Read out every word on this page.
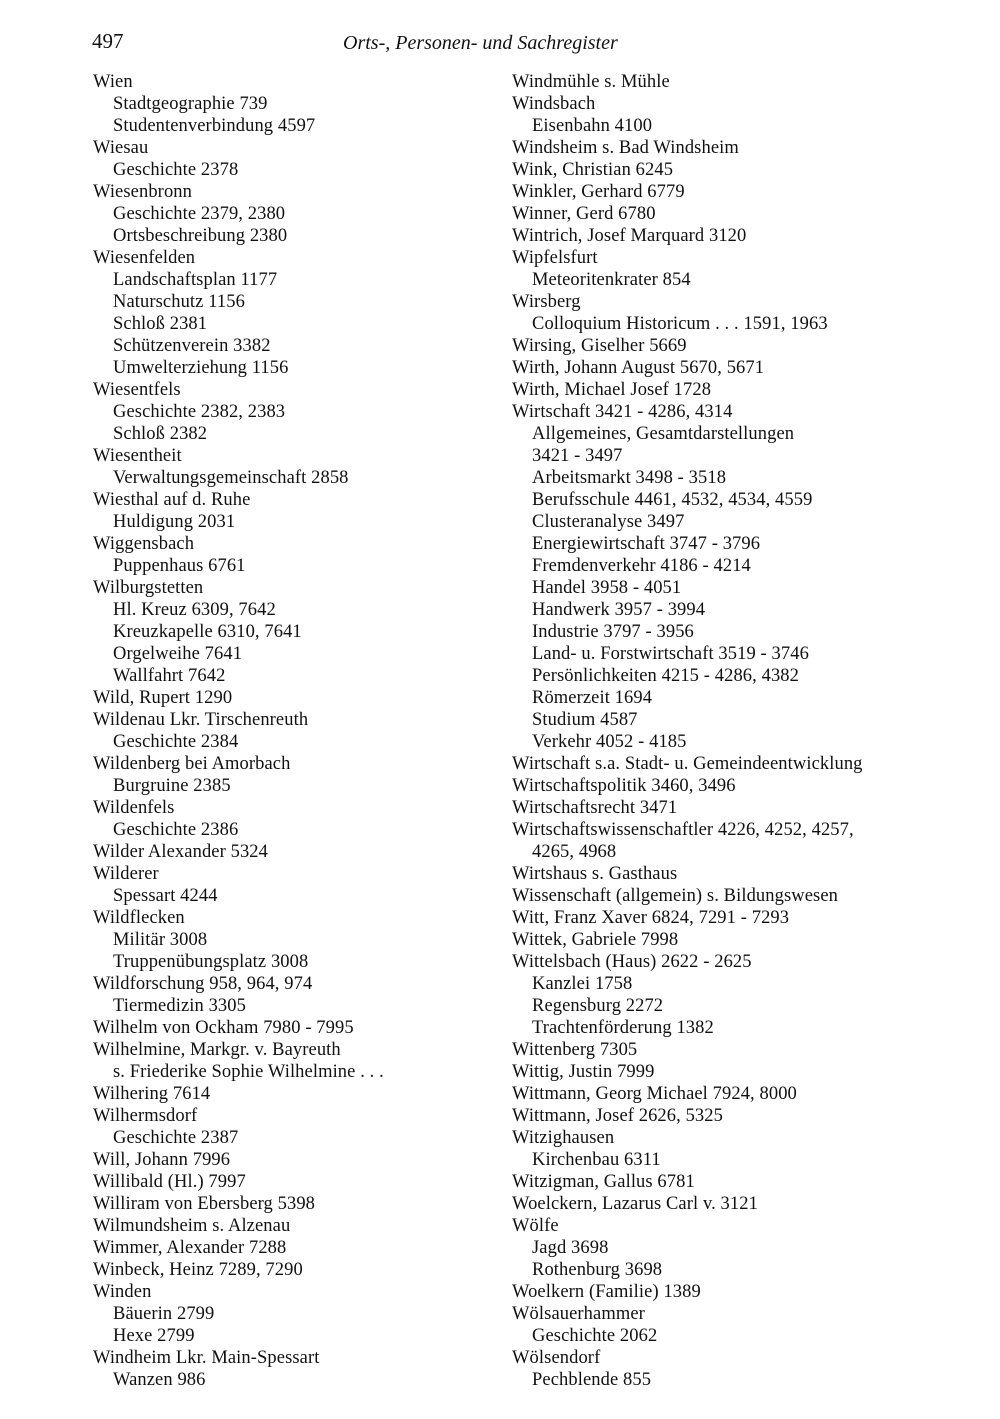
497	Orts-, Personen- und Sachregister
Wien
Stadtgeographie 739
Studentenverbindung 4597
Wiesau
Geschichte 2378
Wiesenbronn
Geschichte 2379, 2380
Ortsbeschreibung 2380
Wiesenfelden
Landschaftsplan 1177
Naturschutz 1156
Schloß 2381
Schützenverein 3382
Umwelterziehung 1156
Wiesentfels
Geschichte 2382, 2383
Schloß 2382
Wiesentheit
Verwaltungsgemeinschaft 2858
Wiesthal auf d. Ruhe
Huldigung 2031
Wiggensbach
Puppenhaus 6761
Wilburgstetten
Hl. Kreuz 6309, 7642
Kreuzkapelle 6310, 7641
Orgelweihe 7641
Wallfahrt 7642
Wild, Rupert 1290
Wildenau Lkr. Tirschenreuth
Geschichte 2384
Wildenberg bei Amorbach
Burgruine 2385
Wildenfels
Geschichte 2386
Wilder Alexander 5324
Wilderer
Spessart 4244
Wildflecken
Militär 3008
Truppenübungsplatz 3008
Wildforschung 958, 964, 974
Tiermedizin 3305
Wilhelm von Ockham 7980 - 7995
Wilhelmine, Markgr. v. Bayreuth
s. Friederike Sophie Wilhelmine . . .
Wilhering 7614
Wilhermsdorf
Geschichte 2387
Will, Johann 7996
Willibald (Hl.) 7997
Williram von Ebersberg 5398
Wilmundsheim s. Alzenau
Wimmer, Alexander 7288
Winbeck, Heinz 7289, 7290
Winden
Bäuerin 2799
Hexe 2799
Windheim Lkr. Main-Spessart
Wanzen 986
Windmühle s. Mühle
Windsbach
Eisenbahn 4100
Windsheim s. Bad Windsheim
Wink, Christian 6245
Winkler, Gerhard 6779
Winner, Gerd 6780
Wintrich, Josef Marquard 3120
Wipfelsfurt
Meteoritenkrater 854
Wirsberg
Colloquium Historicum . . . 1591, 1963
Wirsing, Giselher 5669
Wirth, Johann August 5670, 5671
Wirth, Michael Josef 1728
Wirtschaft 3421 - 4286, 4314
Allgemeines, Gesamtdarstellungen
3421 - 3497
Arbeitsmarkt 3498 - 3518
Berufsschule 4461, 4532, 4534, 4559
Clusteranalyse 3497
Energiewirtschaft 3747 - 3796
Fremdenverkehr 4186 - 4214
Handel 3958 - 4051
Handwerk 3957 - 3994
Industrie 3797 - 3956
Land- u. Forstwirtschaft 3519 - 3746
Persönlichkeiten 4215 - 4286, 4382
Römerzeit 1694
Studium 4587
Verkehr 4052 - 4185
Wirtschaft s.a. Stadt- u. Gemeindeentwicklung
Wirtschaftspolitik 3460, 3496
Wirtschaftsrecht 3471
Wirtschaftswissenschaftler 4226, 4252, 4257,
4265, 4968
Wirtshaus s. Gasthaus
Wissenschaft (allgemein) s. Bildungswesen
Witt, Franz Xaver 6824, 7291 - 7293
Wittek, Gabriele 7998
Wittelsbach (Haus) 2622 - 2625
Kanzlei 1758
Regensburg 2272
Trachtenförderung 1382
Wittenberg 7305
Wittig, Justin 7999
Wittmann, Georg Michael 7924, 8000
Wittmann, Josef 2626, 5325
Witzighausen
Kirchenbau 6311
Witzigman, Gallus 6781
Woelckern, Lazarus Carl v. 3121
Wölfe
Jagd 3698
Rothenburg 3698
Woelkern (Familie) 1389
Wölsauerhammer
Geschichte 2062
Wölsendorf
Pechblende 855
